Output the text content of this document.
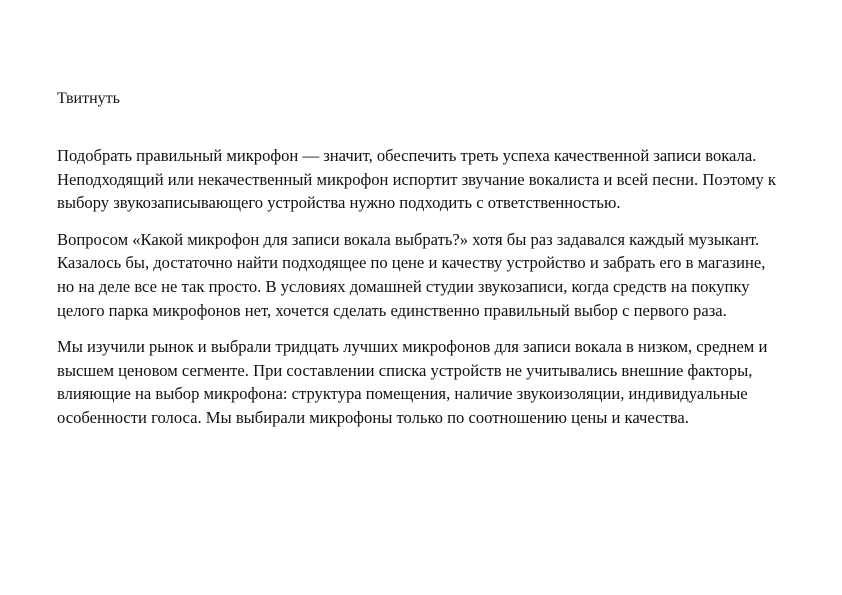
Твитнуть

Подобрать правильный микрофон — значит, обеспечить треть успеха качественной записи вокала. Неподходящий или некачественный микрофон испортит звучание вокалиста и всей песни. Поэтому к выбору звукозаписывающего устройства нужно подходить с ответственностью.

Вопросом «Какой микрофон для записи вокала выбрать?» хотя бы раз задавался каждый музыкант. Казалось бы, достаточно найти подходящее по цене и качеству устройство и забрать его в магазине, но на деле все не так просто. В условиях домашней студии звукозаписи, когда средств на покупку целого парка микрофонов нет, хочется сделать единственно правильный выбор с первого раза.

Мы изучили рынок и выбрали тридцать лучших микрофонов для записи вокала в низком, среднем и высшем ценовом сегменте. При составлении списка устройств не учитывались внешние факторы, влияющие на выбор микрофона: структура помещения, наличие звукоизоляции, индивидуальные особенности голоса. Мы выбирали микрофоны только по соотношению цены и качества.
